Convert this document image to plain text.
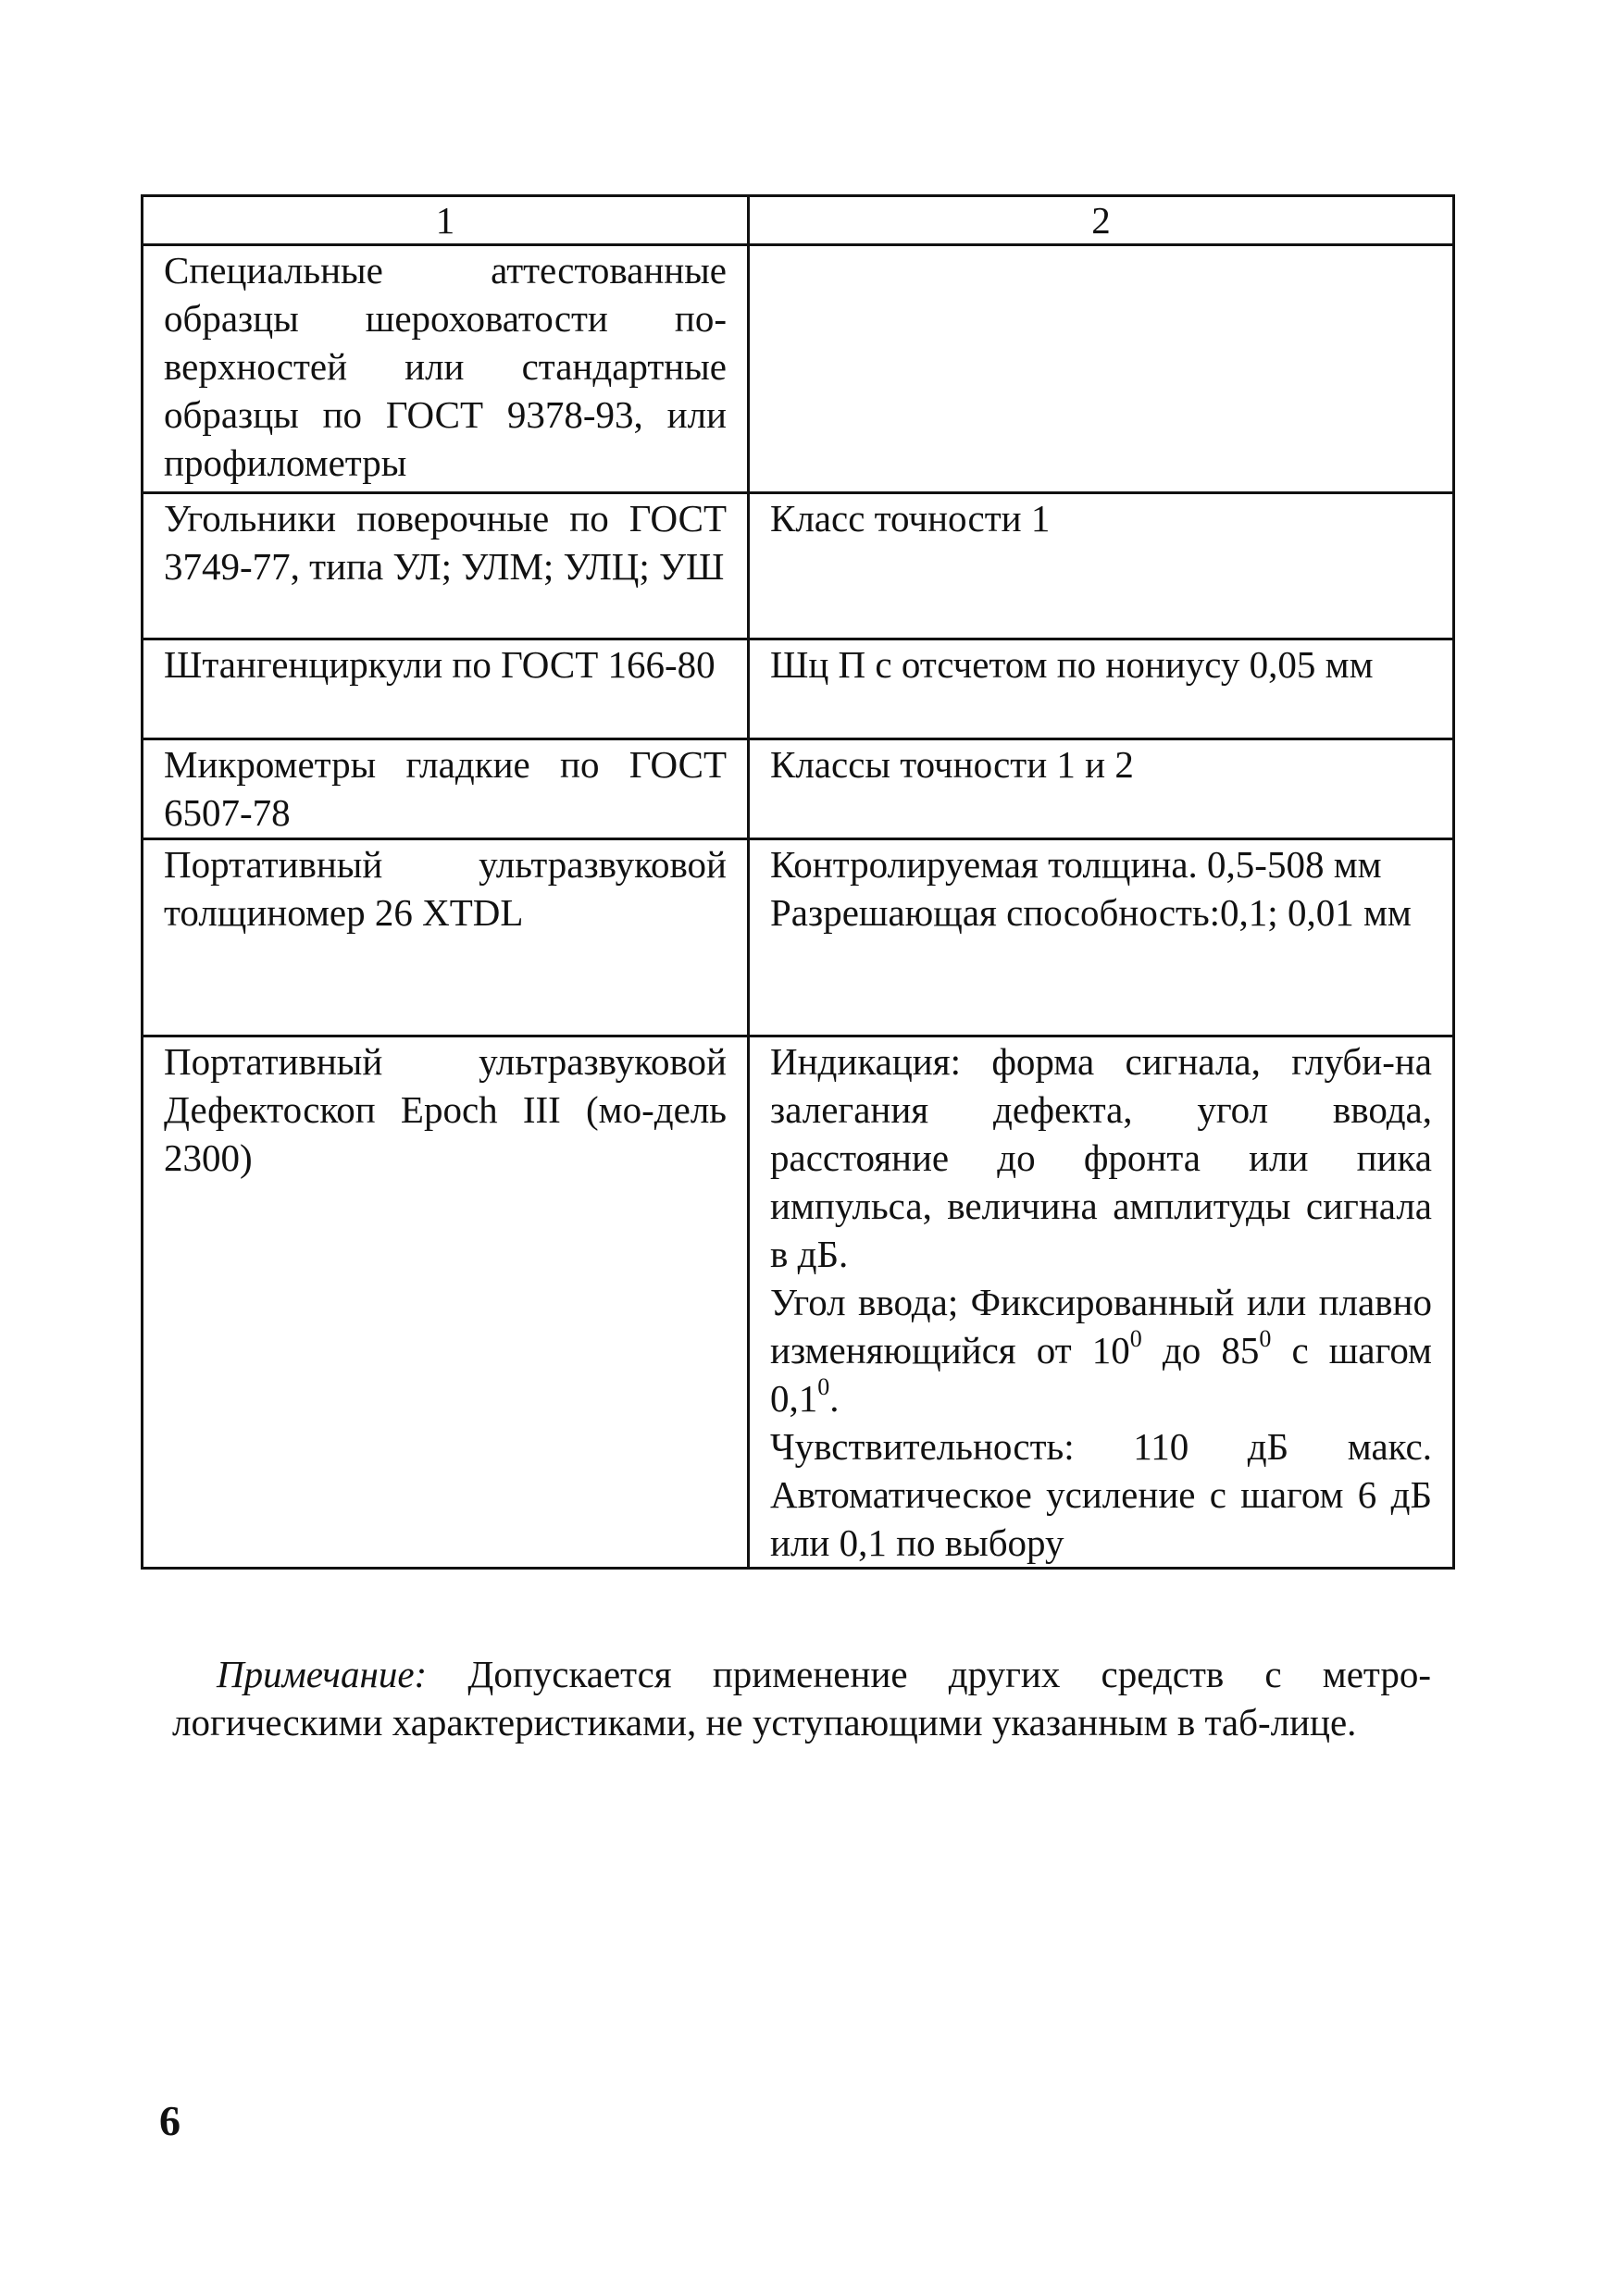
1	2

Специальные аттестованные образцы шероховатости по-верхностей или стандартные образцы по ГОСТ 9378-93, или профилометры	

Угольники поверочные по ГОСТ 3749-77, типа УЛ; УЛМ; УЛЦ; УШ	Класс точности 1

Штангенциркули по ГОСТ 166-80	Шц П с отсчетом по нониусу 0,05 мм

Микрометры гладкие по ГОСТ 6507-78	Классы точности 1 и 2

Портативный ультразвуковой толщиномер 26 XTDL	Контролируемая толщина. 0,5-508 мм
Разрешающая способность:0,1; 0,01 мм

Портативный ультразвуковой Дефектоскоп Epoch III (мо-дель 2300)	Индикация: форма сигнала, глуби-на залегания дефекта, угол ввода, расстояние до фронта или пика импульса, величина амплитуды сигнала в дБ.
Угол ввода; Фиксированный или плавно изменяющийся от $10^0$ до $85^0$ с шагом $0,1^0$.
Чувствительность: 110 дБ макс. Автоматическое усиление с шагом 6 дБ или 0,1 по выбору

Примечание: Допускается применение других средств с метро-логическими характеристиками, не уступающими указанным в таб-лице.

6
